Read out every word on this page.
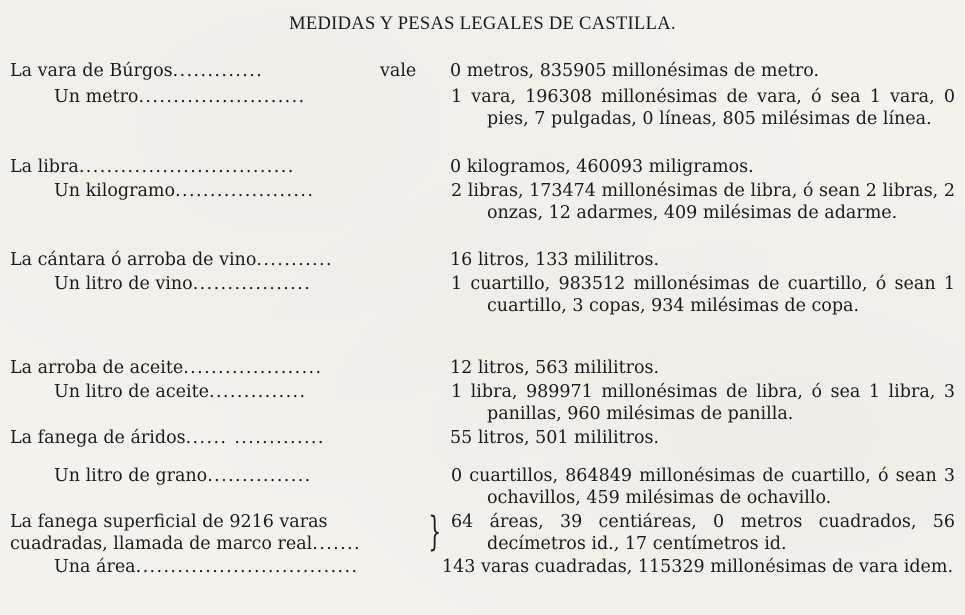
MEDIDAS Y PESAS LEGALES DE CASTILLA.
La vara de Búrgos.............	vale 0 metros, 835905 millonésimas de metro.
Un metro........................	1 vara, 196308 millonésimas de vara, ó sea 1 vara, 0 pies, 7 pulgadas, 0 líneas, 805 milésimas de línea.
La libra...............................	0 kilogramos, 460093 miligramos.
Un kilogramo....................	2 libras, 173474 millonésimas de libra, ó sean 2 libras, 2 onzas, 12 adarmes, 409 milésimas de adarme.
La cántara ó arroba de vino...........	16 litros, 133 mililitros.
Un litro de vino.................	1 cuartillo, 983512 millonésimas de cuartillo, ó sean 1 cuartillo, 3 copas, 934 milésimas de copa.
La arroba de aceite....................	12 litros, 563 mililitros.
Un litro de aceite..............	1 libra, 989971 millonésimas de libra, ó sea 1 libra, 3 panillas, 960 milésimas de panilla.
La fanega de áridos...... .............	55 litros, 501 mililitros.
Un litro de grano...............	0 cuartillos, 864849 millonésimas de cuartillo, ó sean 3 ochavillos, 459 milésimas de ochavillo.
La fanega superficial de 9216 varas cuadradas, llamada de marco real.......	} 64 áreas, 39 centiáreas, 0 metros cuadrados, 56 decímetros id., 17 centímetros id.
Una área................................	143 varas cuadradas, 115329 millonésimas de vara idem.
